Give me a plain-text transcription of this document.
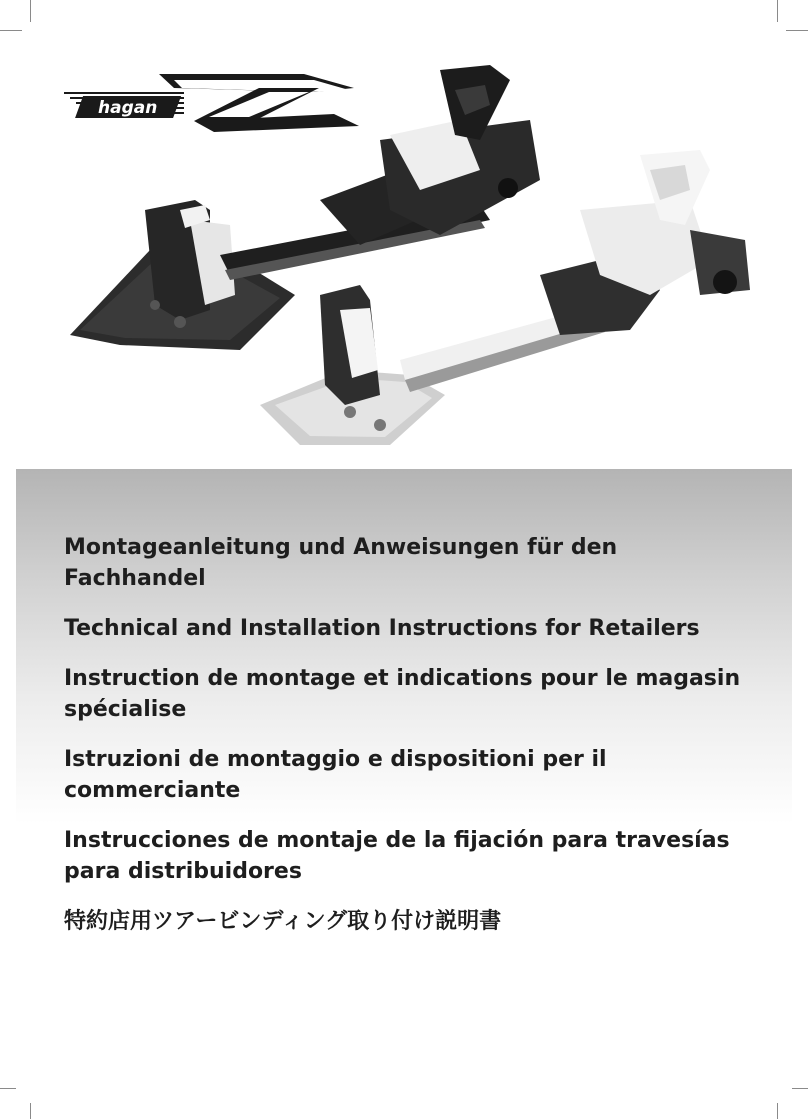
hagan
Montageanleitung und Anweisungen für den Fachhandel
Technical and Installation Instructions for Retailers
Instruction de montage et indications pour le magasin spécialise
Istruzioni de montaggio e dispositioni per il commerciante
Instrucciones de montaje de la fijación para travesías para distribuidores
特約店用ツアービンディング取り付け説明書
